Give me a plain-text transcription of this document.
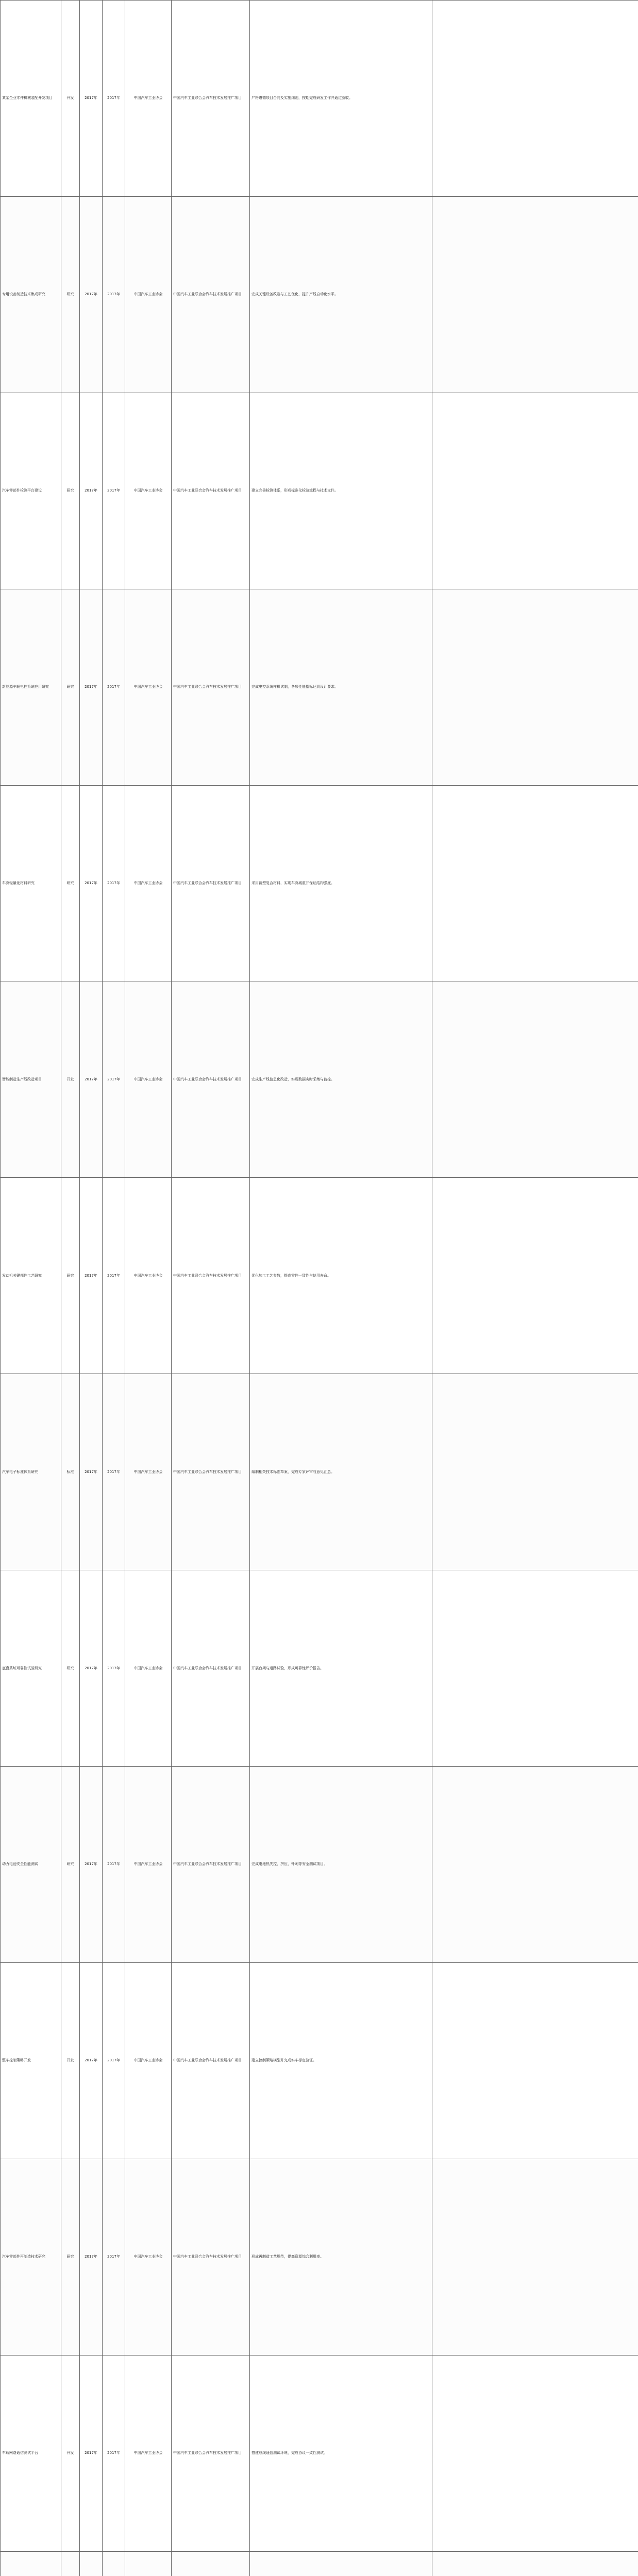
某某企业零件机械装配开发项目	开发	2017年	2017年	中国汽车工业协会	中国汽车工业联合会汽车技术发展推广项目	严格遵循项目合同及实施细则，按期完成研发工作并通过验收。	
专用设备制造技术集成研究	研究	2017年	2017年	中国汽车工业协会	中国汽车工业联合会汽车技术发展推广项目	完成关键设备改造与工艺优化，提升产线自动化水平。	
汽车零部件检测平台建设	研究	2017年	2017年	中国汽车工业协会	中国汽车工业联合会汽车技术发展推广项目	建立完善检测体系，形成标准化检验流程与技术文件。	
新能源车辆电控系统应用研究	研究	2017年	2017年	中国汽车工业协会	中国汽车工业联合会汽车技术发展推广项目	完成电控系统样机试制，各项性能指标达到设计要求。	
车身轻量化材料研究	研究	2017年	2017年	中国汽车工业协会	中国汽车工业联合会汽车技术发展推广项目	采用新型复合材料，实现车身减重并保证结构强度。	
智能制造生产线改造项目	开发	2017年	2017年	中国汽车工业协会	中国汽车工业联合会汽车技术发展推广项目	完成生产线信息化改造，实现数据实时采集与监控。	
发动机关键部件工艺研究	研究	2017年	2017年	中国汽车工业协会	中国汽车工业联合会汽车技术发展推广项目	优化加工工艺参数，提高零件一致性与使用寿命。	
汽车电子标准体系研究	标准	2017年	2017年	中国汽车工业协会	中国汽车工业联合会汽车技术发展推广项目	编制相关技术标准草案，完成专家评审与意见汇总。	
底盘系统可靠性试验研究	研究	2017年	2017年	中国汽车工业协会	中国汽车工业联合会汽车技术发展推广项目	开展台架与道路试验，形成可靠性评价报告。	
动力电池安全性能测试	研究	2017年	2017年	中国汽车工业协会	中国汽车工业联合会汽车技术发展推广项目	完成电池热失控、挤压、针刺等安全测试项目。	
整车控制策略开发	开发	2017年	2017年	中国汽车工业协会	中国汽车工业联合会汽车技术发展推广项目	建立控制策略模型并完成实车标定验证。	
汽车零部件再制造技术研究	研究	2017年	2017年	中国汽车工业协会	中国汽车工业联合会汽车技术发展推广项目	形成再制造工艺规范，提高资源综合利用率。	
车载网络通信测试平台	开发	2017年	2017年	中国汽车工业协会	中国汽车工业联合会汽车技术发展推广项目	搭建总线通信测试环境，完成协议一致性测试。	
